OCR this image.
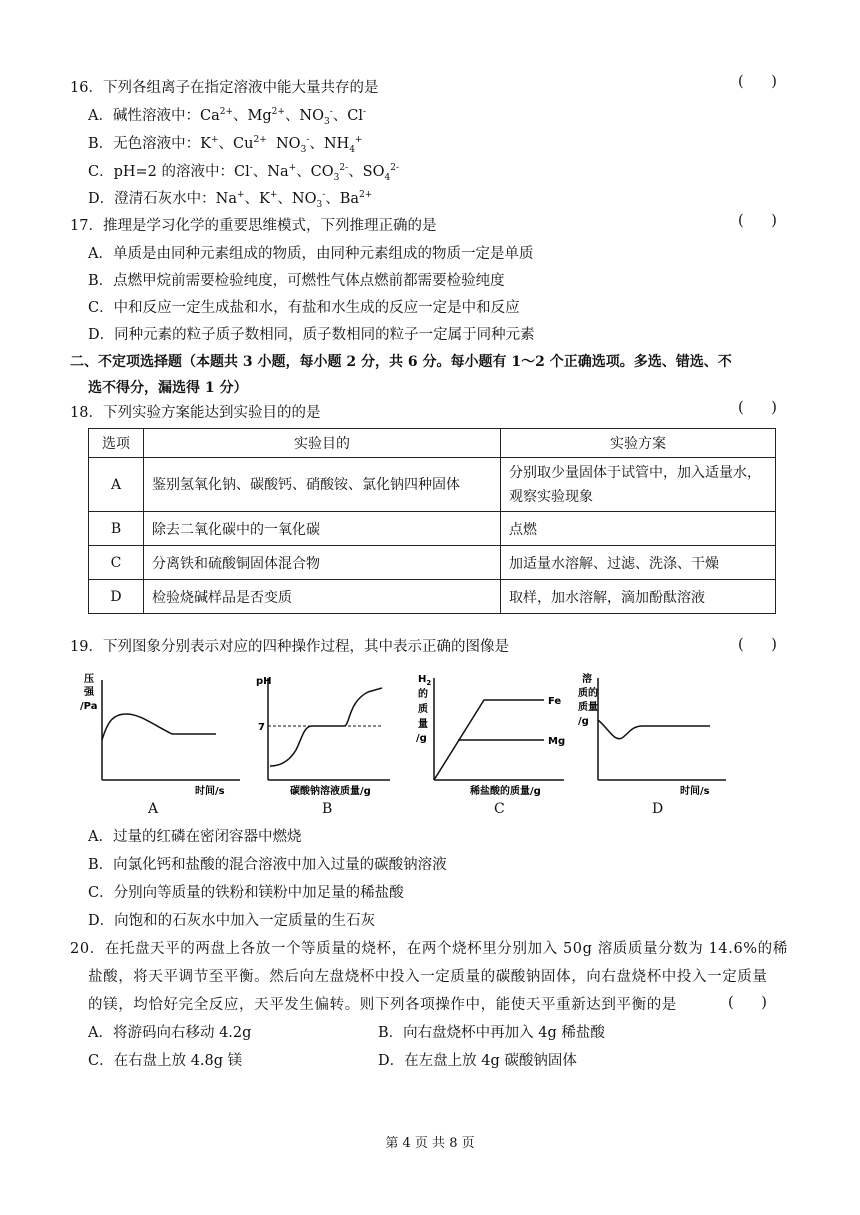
16．下列各组离子在指定溶液中能大量共存的是	(      )
A．碱性溶液中：$Ca^{2+}$、$Mg^{2+}$、$NO_3^-$、Cl-
B．无色溶液中：K+、$Cu^{2+}$  $NO_3^-$、$NH_4^+$
C．pH=2 的溶液中：Cl-、Na+、$CO_3^{2-}$、$SO_4^{2-}$
D．澄清石灰水中：Na+、K+、$NO_3^-$、$Ba^{2+}$
17．推理是学习化学的重要思维模式，下列推理正确的是	(      )
A．单质是由同种元素组成的物质，由同种元素组成的物质一定是单质
B．点燃甲烷前需要检验纯度，可燃性气体点燃前都需要检验纯度
C．中和反应一定生成盐和水，有盐和水生成的反应一定是中和反应
D．同种元素的粒子质子数相同，质子数相同的粒子一定属于同种元素
二、不定项选择题（本题共 3 小题，每小题 2 分，共 6 分。每小题有 1～2 个正确选项。多选、错选、不
选不得分，漏选得 1 分）
18．下列实验方案能达到实验目的的是	(      )
选项	实验目的	实验方案
A	鉴别氢氧化钠、碳酸钙、硝酸铵、氯化钠四种固体	分别取少量固体于试管中，加入适量水，观察实验现象
B	除去二氧化碳中的一氧化碳	点燃
C	分离铁和硫酸铜固体混合物	加适量水溶解、过滤、洗涤、干燥
D	检验烧碱样品是否变质	取样，加水溶解，滴加酚酞溶液
19．下列图象分别表示对应的四种操作过程，其中表示正确的图像是	(      )
压
强
/Pa
时间/s
A
pH
7
碳酸钠溶液质量/g
B
$H_2$
的
质
量
/g
Fe
Mg
稀盐酸的质量/g
C
溶
质的
质量
/g
时间/s
D
A．过量的红磷在密闭容器中燃烧
B．向氯化钙和盐酸的混合溶液中加入过量的碳酸钠溶液
C．分别向等质量的铁粉和镁粉中加足量的稀盐酸
D．向饱和的石灰水中加入一定质量的生石灰
20．在托盘天平的两盘上各放一个等质量的烧杯，在两个烧杯里分别加入 50g 溶质质量分数为 14.6%的稀
盐酸，将天平调节至平衡。然后向左盘烧杯中投入一定质量的碳酸钠固体，向右盘烧杯中投入一定质量
的镁，均恰好完全反应，天平发生偏转。则下列各项操作中，能使天平重新达到平衡的是	(      )
A．将游码向右移动 4.2g	B．向右盘烧杯中再加入 4g 稀盐酸
C．在右盘上放 4.8g 镁	D．在左盘上放 4g 碳酸钠固体
第 4 页 共 8 页
